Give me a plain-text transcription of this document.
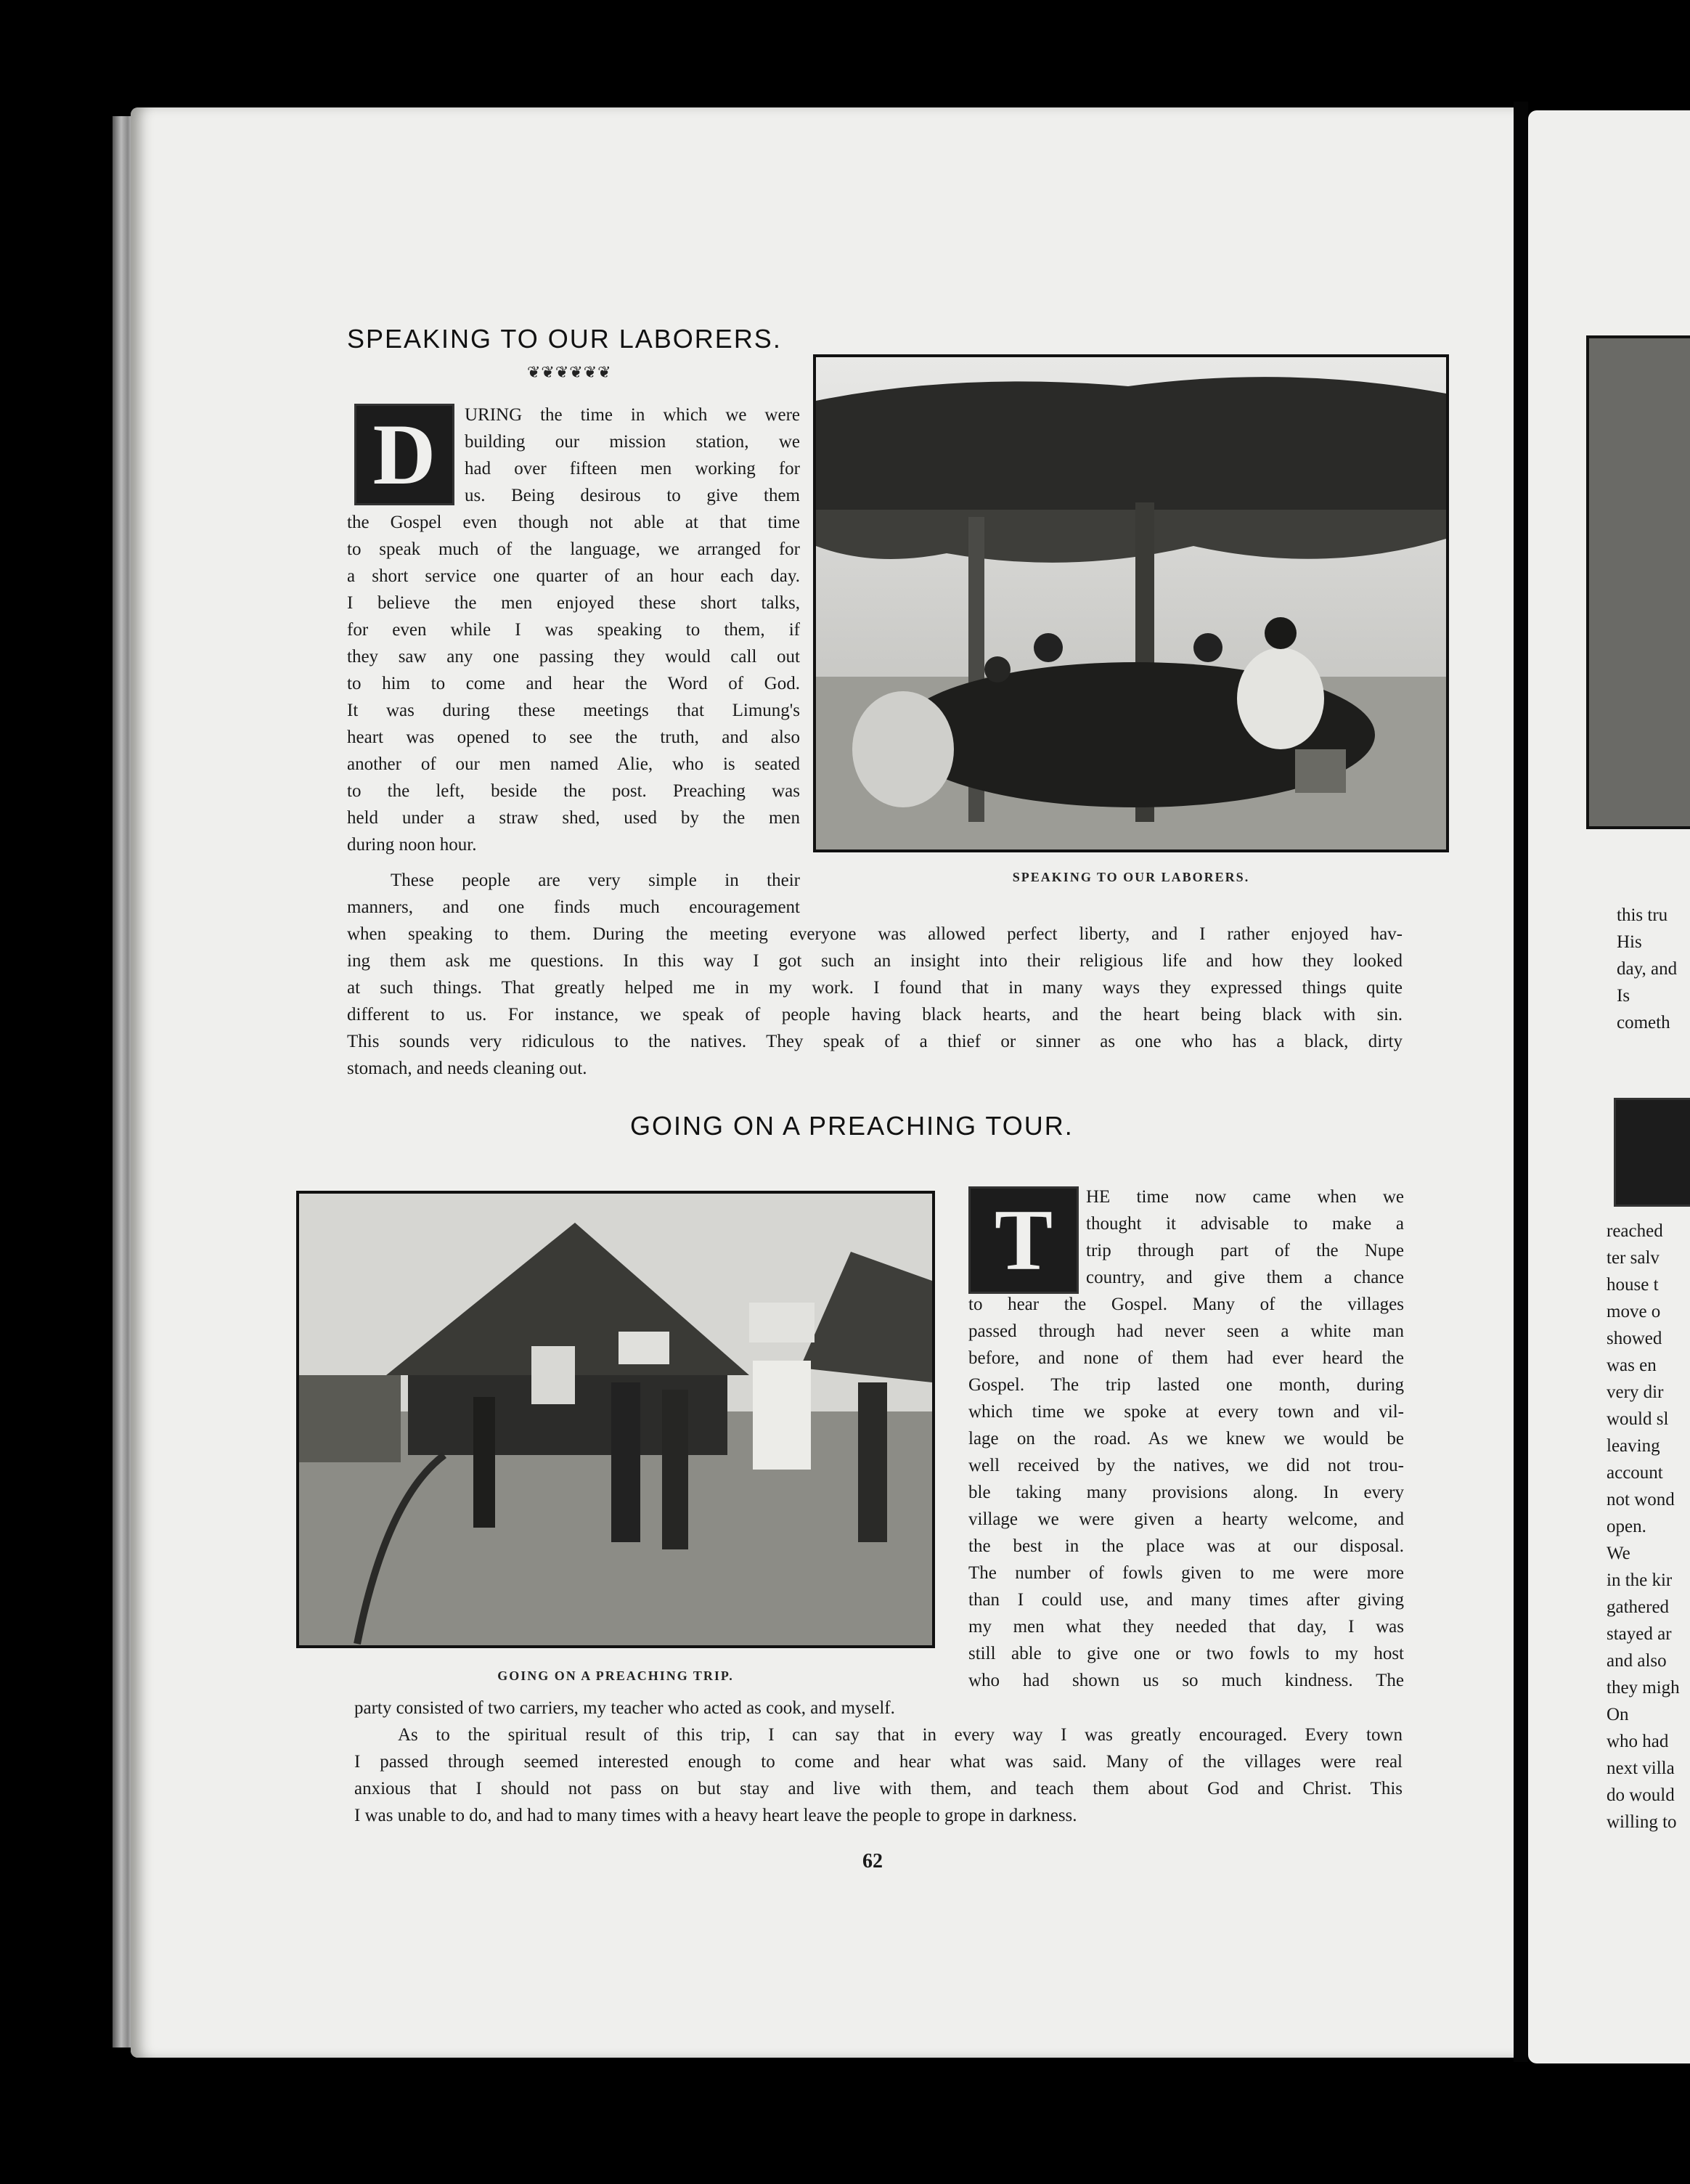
SPEAKING TO OUR LABORERS.
❦❦❦❦❦❦
D URING the time in which we were
building our mission station, we
had over fifteen men working for
us. Being desirous to give them
the Gospel even though not able at that time
to speak much of the language, we arranged for
a short service one quarter of an hour each day.
I believe the men enjoyed these short talks,
for even while I was speaking to them, if
they saw any one passing they would call out
to him to come and hear the Word of God.
It was during these meetings that Limung's
heart was opened to see the truth, and also
another of our men named Alie, who is seated
to the left, beside the post. Preaching was
held under a straw shed, used by the men
during noon hour.
SPEAKING TO OUR LABORERS.
These people are very simple in their
manners, and one finds much encouragement
when speaking to them. During the meeting everyone was allowed perfect liberty, and I rather enjoyed hav-
ing them ask me questions. In this way I got such an insight into their religious life and how they looked
at such things. That greatly helped me in my work. I found that in many ways they expressed things quite
different to us. For instance, we speak of people having black hearts, and the heart being black with sin.
This sounds very ridiculous to the natives. They speak of a thief or sinner as one who has a black, dirty
stomach, and needs cleaning out.
GOING ON A PREACHING TOUR.
GOING ON A PREACHING TRIP.
T HE time now came when we
thought it advisable to make a
trip through part of the Nupe
country, and give them a chance
to hear the Gospel. Many of the villages
passed through had never seen a white man
before, and none of them had ever heard the
Gospel. The trip lasted one month, during
which time we spoke at every town and vil-
lage on the road. As we knew we would be
well received by the natives, we did not trou-
ble taking many provisions along. In every
village we were given a hearty welcome, and
the best in the place was at our disposal.
The number of fowls given to me were more
than I could use, and many times after giving
my men what they needed that day, I was
still able to give one or two fowls to my host
who had shown us so much kindness. The
party consisted of two carriers, my teacher who acted as cook, and myself.
As to the spiritual result of this trip, I can say that in every way I was greatly encouraged. Every town
I passed through seemed interested enough to come and hear what was said. Many of the villages were real
anxious that I should not pass on but stay and live with them, and teach them about God and Christ. This
I was unable to do, and had to many times with a heavy heart leave the people to grope in darkness.
62
this tru
His
day, and
Is
cometh
reached
ter salv
house t
move o
showed
was en
very dir
would sl
leaving
account
not wond
open.
We
in the kir
gathered
stayed ar
and also
they migh
On
who had
next villa
do would
willing to
